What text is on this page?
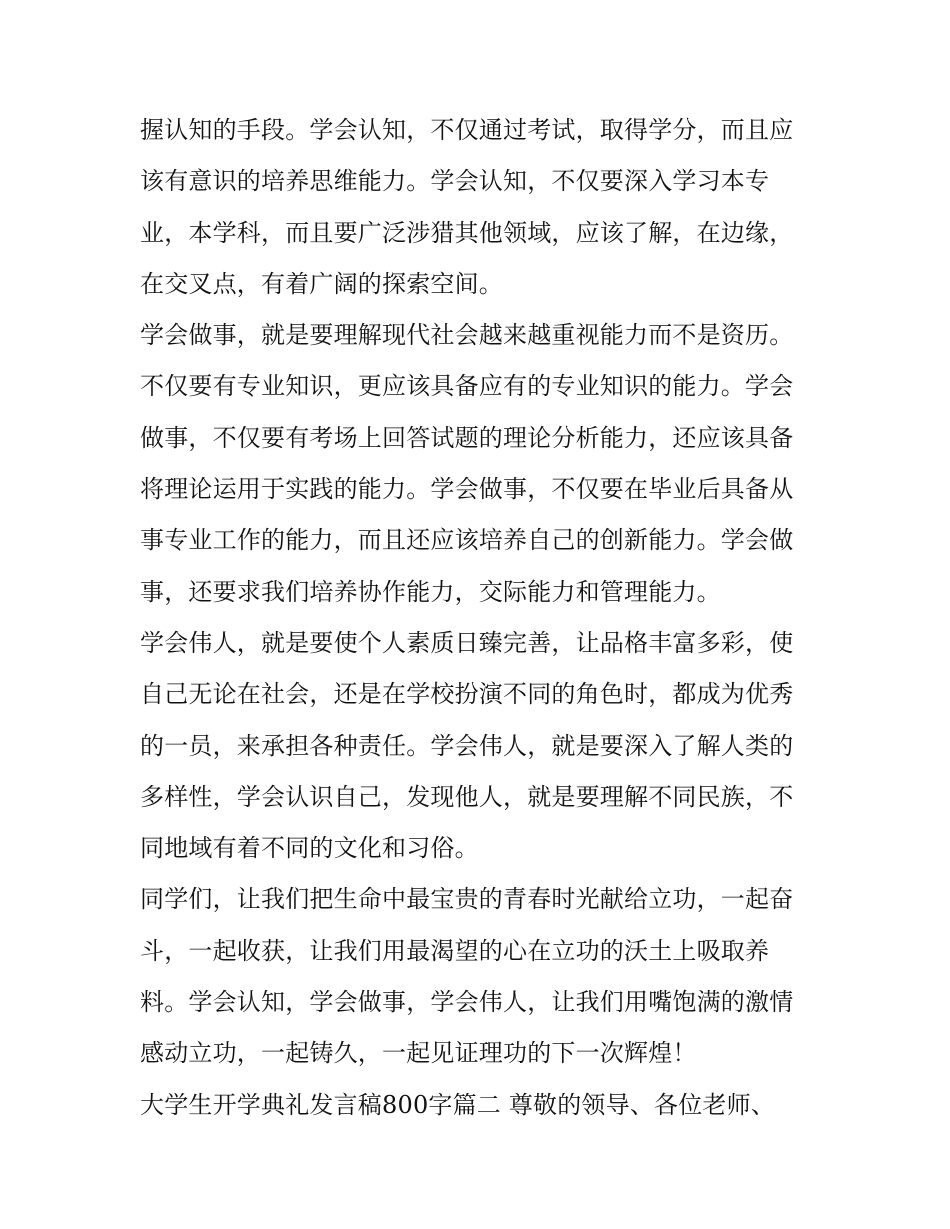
握认知的手段。学会认知，不仅通过考试，取得学分，而且应
该有意识的培养思维能力。学会认知，不仅要深入学习本专
业，本学科，而且要广泛涉猎其他领域，应该了解，在边缘，
在交叉点，有着广阔的探索空间。
学会做事，就是要理解现代社会越来越重视能力而不是资历。
不仅要有专业知识，更应该具备应有的专业知识的能力。学会
做事，不仅要有考场上回答试题的理论分析能力，还应该具备
将理论运用于实践的能力。学会做事，不仅要在毕业后具备从
事专业工作的能力，而且还应该培养自己的创新能力。学会做
事，还要求我们培养协作能力，交际能力和管理能力。
学会伟人，就是要使个人素质日臻完善，让品格丰富多彩，使
自己无论在社会，还是在学校扮演不同的角色时，都成为优秀
的一员，来承担各种责任。学会伟人，就是要深入了解人类的
多样性，学会认识自己，发现他人，就是要理解不同民族，不
同地域有着不同的文化和习俗。
同学们，让我们把生命中最宝贵的青春时光献给立功，一起奋
斗，一起收获，让我们用最渴望的心在立功的沃土上吸取养
料。学会认知，学会做事，学会伟人，让我们用嘴饱满的激情
感动立功，一起铸久，一起见证理功的下一次辉煌！
大学生开学典礼发言稿800字篇二 尊敬的领导、各位老师、
